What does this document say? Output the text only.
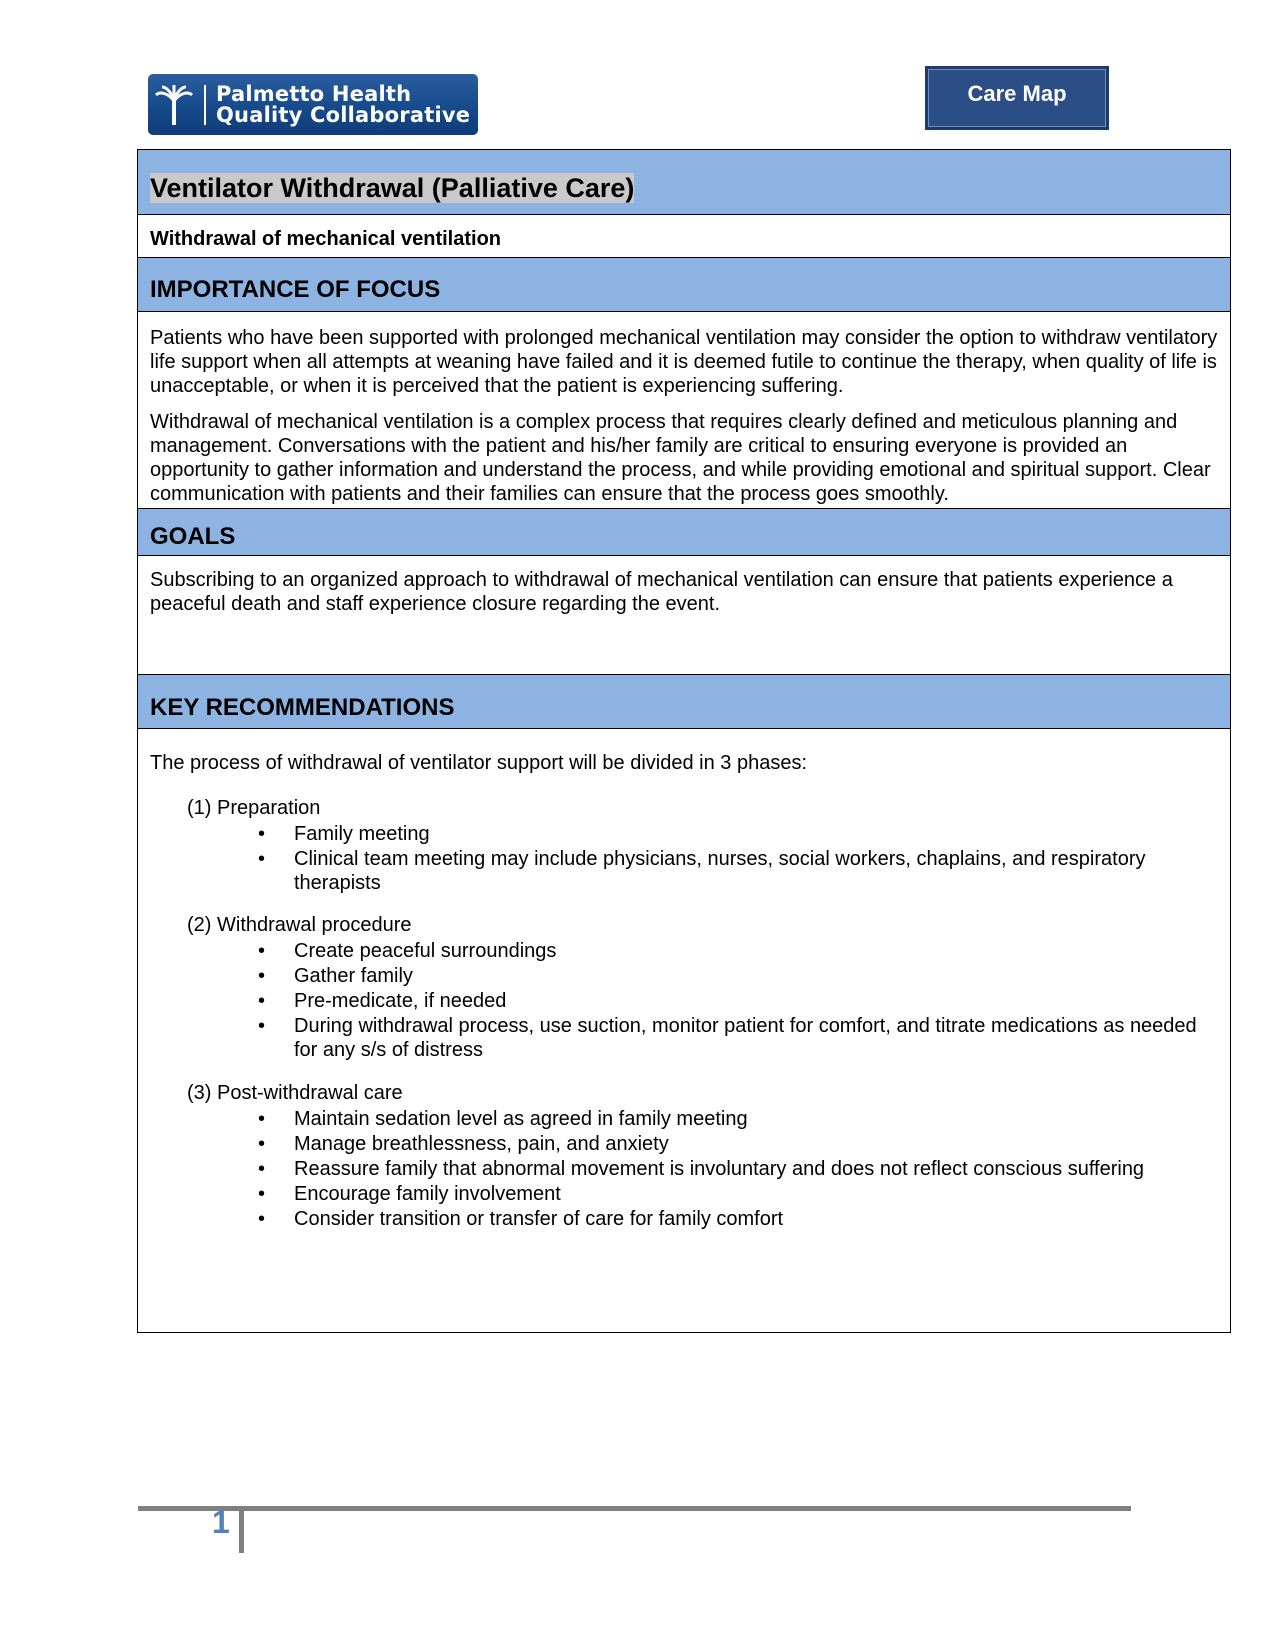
Palmetto Health
Quality Collaborative
Care Map
Ventilator Withdrawal (Palliative Care)
Withdrawal of mechanical ventilation
IMPORTANCE OF FOCUS

Patients who have been supported with prolonged mechanical ventilation may consider the option to withdraw ventilatory life support when all attempts at weaning have failed and it is deemed futile to continue the therapy, when quality of life is unacceptable, or when it is perceived that the patient is experiencing suffering.

Withdrawal of mechanical ventilation is a complex process that requires clearly defined and meticulous planning and management. Conversations with the patient and his/her family are critical to ensuring everyone is provided an opportunity to gather information and understand the process, and while providing emotional and spiritual support. Clear communication with patients and their families can ensure that the process goes smoothly.

GOALS

Subscribing to an organized approach to withdrawal of mechanical ventilation can ensure that patients experience a peaceful death and staff experience closure regarding the event.

KEY RECOMMENDATIONS

The process of withdrawal of ventilator support will be divided in 3 phases:

(1) Preparation
• Family meeting
• Clinical team meeting may include physicians, nurses, social workers, chaplains, and respiratory therapists
(2) Withdrawal procedure
• Create peaceful surroundings
• Gather family
• Pre-medicate, if needed
• During withdrawal process, use suction, monitor patient for comfort, and titrate medications as needed for any s/s of distress
(3) Post-withdrawal care
• Maintain sedation level as agreed in family meeting
• Manage breathlessness, pain, and anxiety
• Reassure family that abnormal movement is involuntary and does not reflect conscious suffering
• Encourage family involvement
• Consider transition or transfer of care for family comfort
1
